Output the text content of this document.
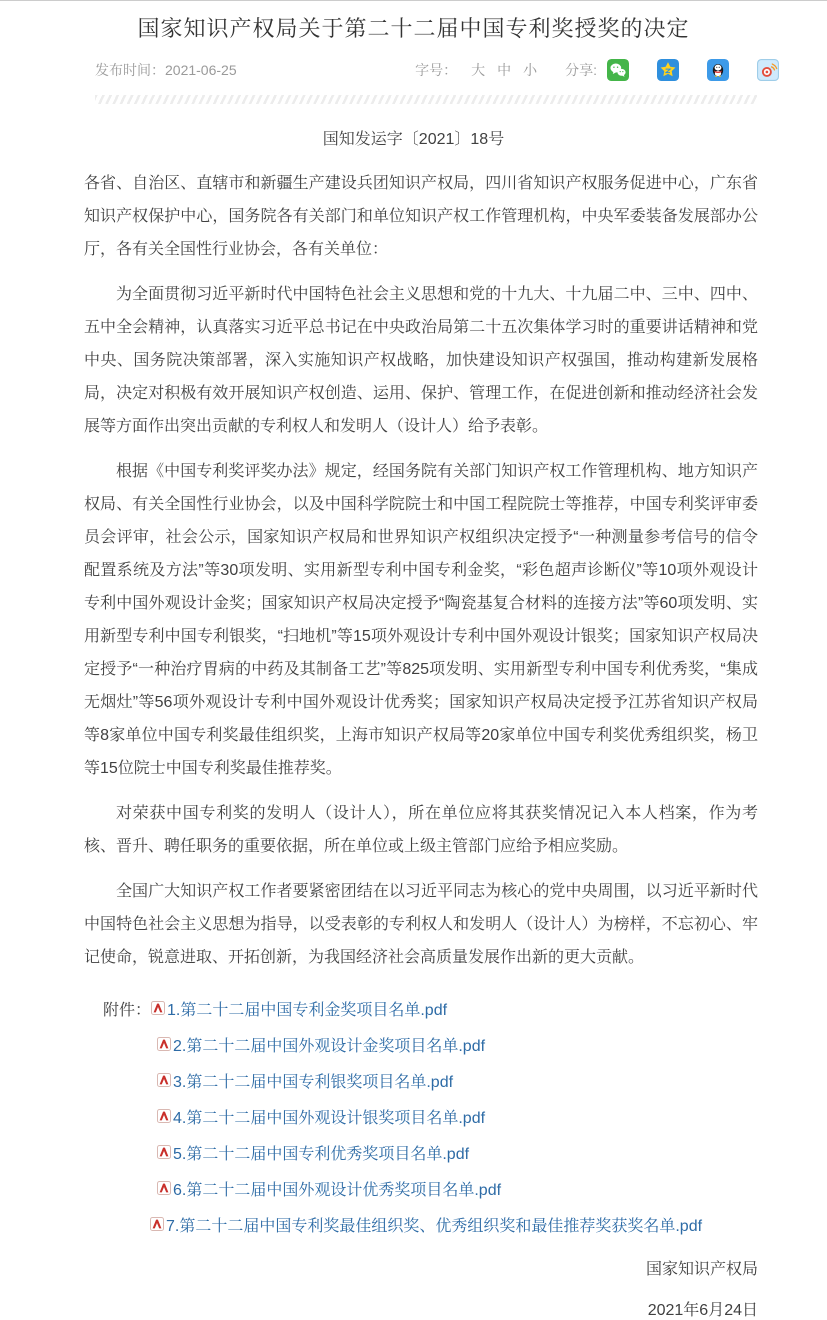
国家知识产权局关于第二十二届中国专利奖授奖的决定
发布时间：2021-06-25	字号： 大 中 小 分享:
国知发运字〔2021〕18号

各省、自治区、直辖市和新疆生产建设兵团知识产权局，四川省知识产权服务促进中心，广东省知识产权保护中心，国务院各有关部门和单位知识产权工作管理机构，中央军委装备发展部办公厅，各有关全国性行业协会，各有关单位：

为全面贯彻习近平新时代中国特色社会主义思想和党的十九大、十九届二中、三中、四中、五中全会精神，认真落实习近平总书记在中央政治局第二十五次集体学习时的重要讲话精神和党中央、国务院决策部署，深入实施知识产权战略，加快建设知识产权强国，推动构建新发展格局，决定对积极有效开展知识产权创造、运用、保护、管理工作，在促进创新和推动经济社会发展等方面作出突出贡献的专利权人和发明人（设计人）给予表彰。

根据《中国专利奖评奖办法》规定，经国务院有关部门知识产权工作管理机构、地方知识产权局、有关全国性行业协会，以及中国科学院院士和中国工程院院士等推荐，中国专利奖评审委员会评审，社会公示，国家知识产权局和世界知识产权组织决定授予“一种测量参考信号的信令配置系统及方法”等30项发明、实用新型专利中国专利金奖，“彩色超声诊断仪”等10项外观设计专利中国外观设计金奖；国家知识产权局决定授予“陶瓷基复合材料的连接方法”等60项发明、实用新型专利中国专利银奖，“扫地机”等15项外观设计专利中国外观设计银奖；国家知识产权局决定授予“一种治疗胃病的中药及其制备工艺”等825项发明、实用新型专利中国专利优秀奖，“集成无烟灶”等56项外观设计专利中国外观设计优秀奖；国家知识产权局决定授予江苏省知识产权局等8家单位中国专利奖最佳组织奖，上海市知识产权局等20家单位中国专利奖优秀组织奖，杨卫等15位院士中国专利奖最佳推荐奖。

对荣获中国专利奖的发明人（设计人），所在单位应将其获奖情况记入本人档案，作为考核、晋升、聘任职务的重要依据，所在单位或上级主管部门应给予相应奖励。

全国广大知识产权工作者要紧密团结在以习近平同志为核心的党中央周围，以习近平新时代中国特色社会主义思想为指导，以受表彰的专利权人和发明人（设计人）为榜样，不忘初心、牢记使命，锐意进取、开拓创新，为我国经济社会高质量发展作出新的更大贡献。

附件： 1.第二十二届中国专利金奖项目名单.pdf
2.第二十二届中国外观设计金奖项目名单.pdf
3.第二十二届中国专利银奖项目名单.pdf
4.第二十二届中国外观设计银奖项目名单.pdf
5.第二十二届中国专利优秀奖项目名单.pdf
6.第二十二届中国外观设计优秀奖项目名单.pdf
7.第二十二届中国专利奖最佳组织奖、优秀组织奖和最佳推荐奖获奖名单.pdf
国家知识产权局
2021年6月24日
